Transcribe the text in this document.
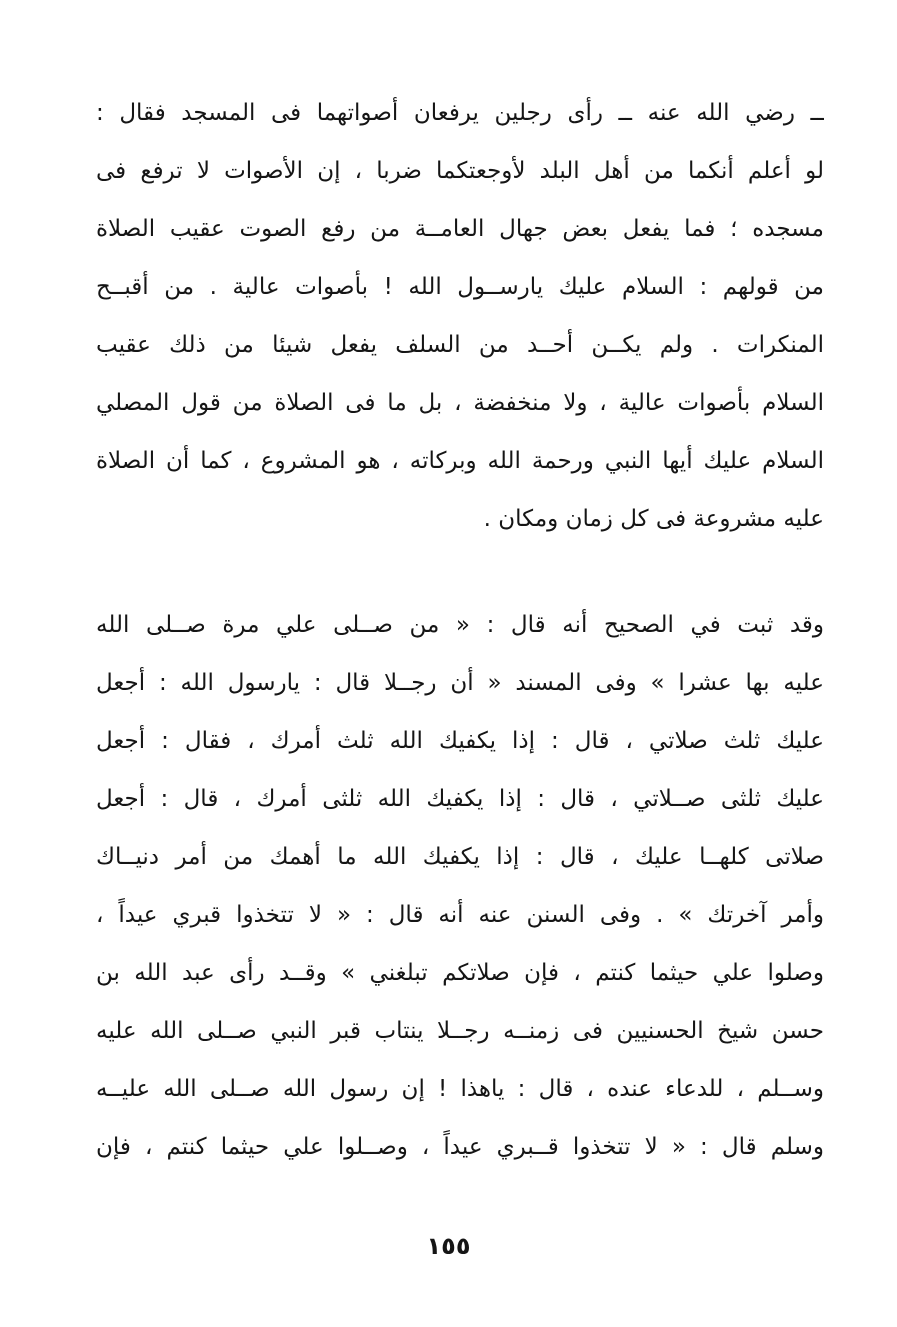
ــ رضي الله عنه ــ رأى رجلين يرفعان أصواتهما فى المسجد فقال :
لو أعلم أنكما من أهل البلد لأوجعتكما ضربا ، إن الأصوات لا ترفع فى
مسجده ؛ فما يفعل بعض جهال العامــة من رفع الصوت عقيب الصلاة
من قولهم : السلام عليك يارســول الله ! بأصوات عالية . من أقبــح
المنكرات . ولم يكــن أحــد من السلف يفعل شيئا من ذلك عقيب
السلام بأصوات عالية ، ولا منخفضة ، بل ما فى الصلاة من قول المصلي
السلام عليك أيها النبي ورحمة الله وبركاته ، هو المشروع ، كما أن الصلاة
عليه مشروعة فى كل زمان ومكان .
وقد ثبت في الصحيح أنه قال : « من صــلى علي مرة صــلى الله
عليه بها عشرا » وفى المسند « أن رجــلا قال : يارسول الله : أجعل
عليك ثلث صلاتي ، قال : إذا يكفيك الله ثلث أمرك ، فقال : أجعل
عليك ثلثى صــلاتي ، قال : إذا يكفيك الله ثلثى أمرك ، قال : أجعل
صلاتى كلهــا عليك ، قال : إذا يكفيك الله ما أهمك من أمر دنيــاك
وأمر آخرتك » . وفى السنن عنه أنه قال : « لا تتخذوا قبري عيداً ،
وصلوا علي حيثما كنتم ، فإن صلاتكم تبلغني » وقــد رأى عبد الله بن
حسن شيخ الحسنيين فى زمنــه رجــلا ينتاب قبر النبي صــلى الله عليه
وســلم ، للدعاء عنده ، قال : ياهذا ! إن رسول الله صــلى الله عليــه
وسلم قال : « لا تتخذوا قــبري عيداً ، وصــلوا علي حيثما كنتم ، فإن
١٥٥
